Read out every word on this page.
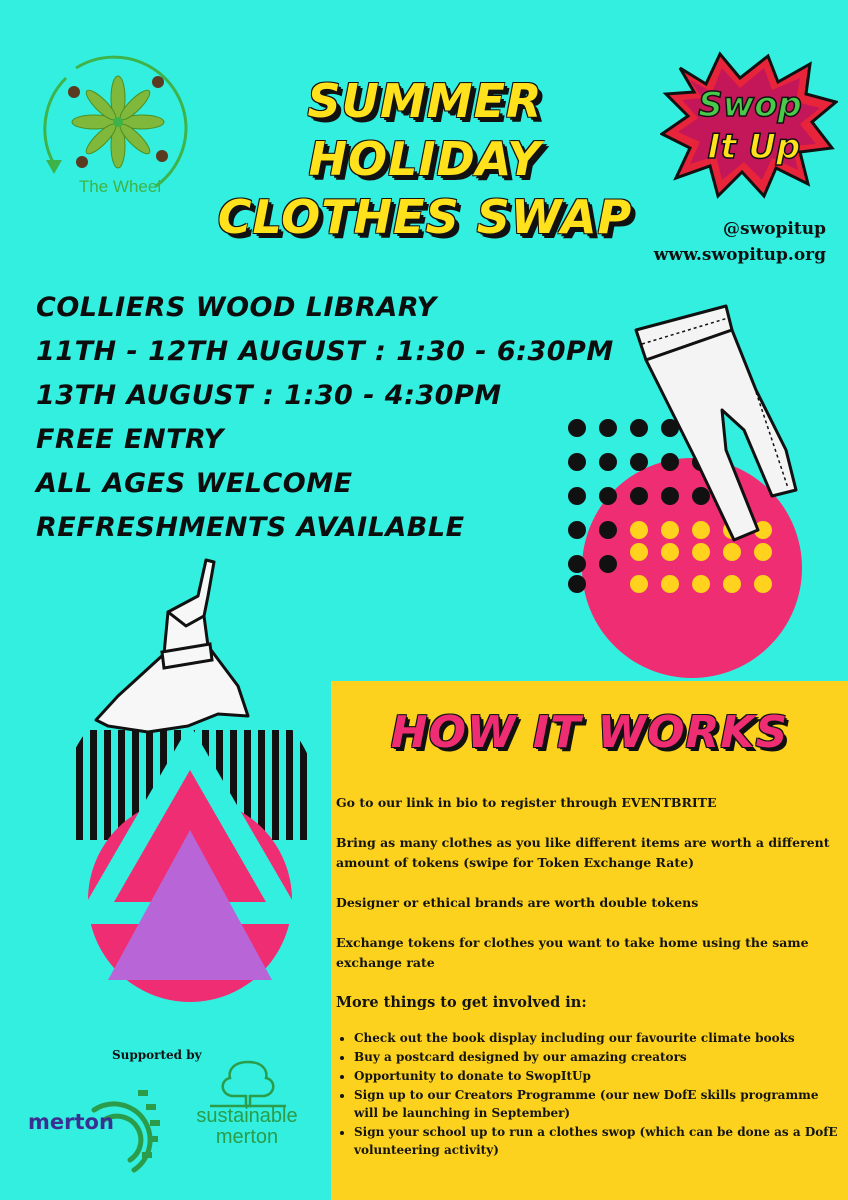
The Wheel
SUMMER HOLIDAY
CLOTHES SWAP
Swop
It Up
@swopitup
www.swopitup.org
COLLIERS WOOD LIBRARY
11TH - 12TH AUGUST : 1:30 - 6:30PM
13TH AUGUST : 1:30 - 4:30PM
FREE ENTRY
ALL AGES WELCOME
REFRESHMENTS AVAILABLE
HOW IT WORKS

Go to our link in bio to register through EVENTBRITE

Bring as many clothes as you like different items are worth a different amount of tokens (swipe for Token Exchange Rate)

Designer or ethical brands are worth double tokens

Exchange tokens for clothes you want to take home using the same exchange rate

More things to get involved in:

• Check out the book display including our favourite climate books
• Buy a postcard designed by our amazing creators
• Opportunity to donate to SwopItUp
• Sign up to our Creators Programme (our new DofE skills programme will be launching in September)
• Sign your school up to run a clothes swop (which can be done as a DofE volunteering activity)
Supported by
merton	sustainable
merton
